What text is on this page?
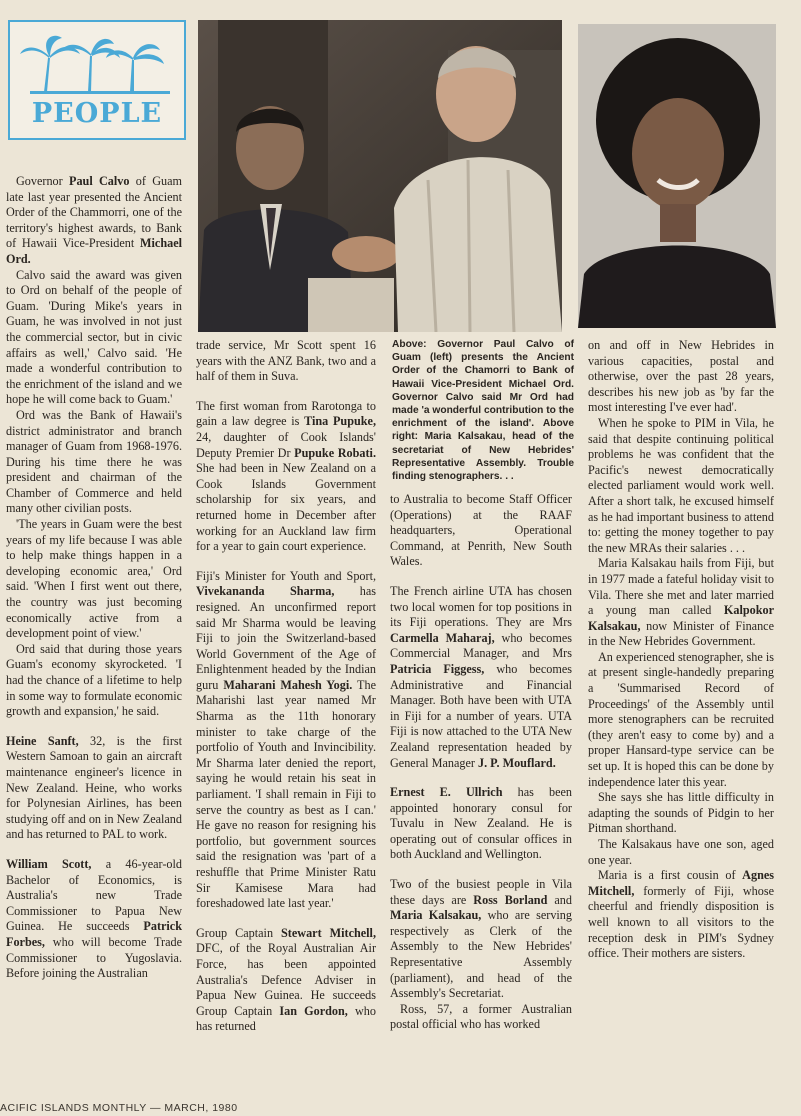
PEOPLE

Governor Paul Calvo of Guam late last year presented the Ancient Order of the Chammorri, one of the territory's highest awards, to Bank of Hawaii Vice-President Michael Ord.

Calvo said the award was given to Ord on behalf of the people of Guam. 'During Mike's years in Guam, he was involved in not just the commercial sector, but in civic affairs as well,' Calvo said. 'He made a wonderful contribution to the enrichment of the island and we hope he will come back to Guam.'

Ord was the Bank of Hawaii's district administrator and branch manager of Guam from 1968-1976. During his time there he was president and chairman of the Chamber of Commerce and held many other civilian posts.

'The years in Guam were the best years of my life because I was able to help make things happen in a developing economic area,' Ord said. 'When I first went out there, the country was just becoming economically active from a development point of view.'

Ord said that during those years Guam's economy skyrocketed. 'I had the chance of a lifetime to help in some way to formulate economic growth and expansion,' he said.

Heine Sanft, 32, is the first Western Samoan to gain an aircraft maintenance engineer's licence in New Zealand. Heine, who works for Polynesian Airlines, has been studying off and on in New Zealand and has returned to PAL to work.

William Scott, a 46-year-old Bachelor of Economics, is Australia's new Trade Commissioner to Papua New Guinea. He succeeds Patrick Forbes, who will become Trade Commissioner to Yugoslavia. Before joining the Australian

trade service, Mr Scott spent 16 years with the ANZ Bank, two and a half of them in Suva.

The first woman from Rarotonga to gain a law degree is Tina Pupuke, 24, daughter of Cook Islands' Deputy Premier Dr Pupuke Robati. She had been in New Zealand on a Cook Islands Government scholarship for six years, and returned home in December after working for an Auckland law firm for a year to gain court experience.

Fiji's Minister for Youth and Sport, Vivekananda Sharma, has resigned. An unconfirmed report said Mr Sharma would be leaving Fiji to join the Switzerland-based World Government of the Age of Enlightenment headed by the Indian guru Maharani Mahesh Yogi. The Maharishi last year named Mr Sharma as the 11th honorary minister to take charge of the portfolio of Youth and Invincibility. Mr Sharma later denied the report, saying he would retain his seat in parliament. 'I shall remain in Fiji to serve the country as best as I can.' He gave no reason for resigning his portfolio, but government sources said the resignation was 'part of a reshuffle that Prime Minister Ratu Sir Kamisese Mara had foreshadowed late last year.'

Group Captain Stewart Mitchell, DFC, of the Royal Australian Air Force, has been appointed Australia's Defence Adviser in Papua New Guinea. He succeeds Group Captain Ian Gordon, who has returned

Above: Governor Paul Calvo of Guam (left) presents the Ancient Order of the Chamorri to Bank of Hawaii Vice-President Michael Ord. Governor Calvo said Mr Ord had made 'a wonderful contribution to the enrichment of the island'. Above right: Maria Kalsakau, head of the secretariat of New Hebrides' Representative Assembly. Trouble finding stenographers. . .

to Australia to become Staff Officer (Operations) at the RAAF headquarters, Operational Command, at Penrith, New South Wales.

The French airline UTA has chosen two local women for top positions in its Fiji operations. They are Mrs Carmella Maharaj, who becomes Commercial Manager, and Mrs Patricia Figgess, who becomes Administrative and Financial Manager. Both have been with UTA in Fiji for a number of years. UTA Fiji is now attached to the UTA New Zealand representation headed by General Manager J. P. Mouflard.

Ernest E. Ullrich has been appointed honorary consul for Tuvalu in New Zealand. He is operating out of consular offices in both Auckland and Wellington.

Two of the busiest people in Vila these days are Ross Borland and Maria Kalsakau, who are serving respectively as Clerk of the Assembly to the New Hebrides' Representative Assembly (parliament), and head of the Assembly's Secretariat.

Ross, 57, a former Australian postal official who has worked

on and off in New Hebrides in various capacities, postal and otherwise, over the past 28 years, describes his new job as 'by far the most interesting I've ever had'.

When he spoke to PIM in Vila, he said that despite continuing political problems he was confident that the Pacific's newest democratically elected parliament would work well. After a short talk, he excused himself as he had important business to attend to: getting the money together to pay the new MRAs their salaries . . .

Maria Kalsakau hails from Fiji, but in 1977 made a fateful holiday visit to Vila. There she met and later married a young man called Kalpokor Kalsakau, now Minister of Finance in the New Hebrides Government.

An experienced stenographer, she is at present single-handedly preparing a 'Summarised Record of Proceedings' of the Assembly until more stenographers can be recruited (they aren't easy to come by) and a proper Hansard-type service can be set up. It is hoped this can be done by independence later this year.

She says she has little difficulty in adapting the sounds of Pidgin to her Pitman shorthand.

The Kalsakaus have one son, aged one year.

Maria is a first cousin of Agnes Mitchell, formerly of Fiji, whose cheerful and friendly disposition is well known to all visitors to the reception desk in PIM's Sydney office. Their mothers are sisters.

ACIFIC ISLANDS MONTHLY — MARCH, 1980
